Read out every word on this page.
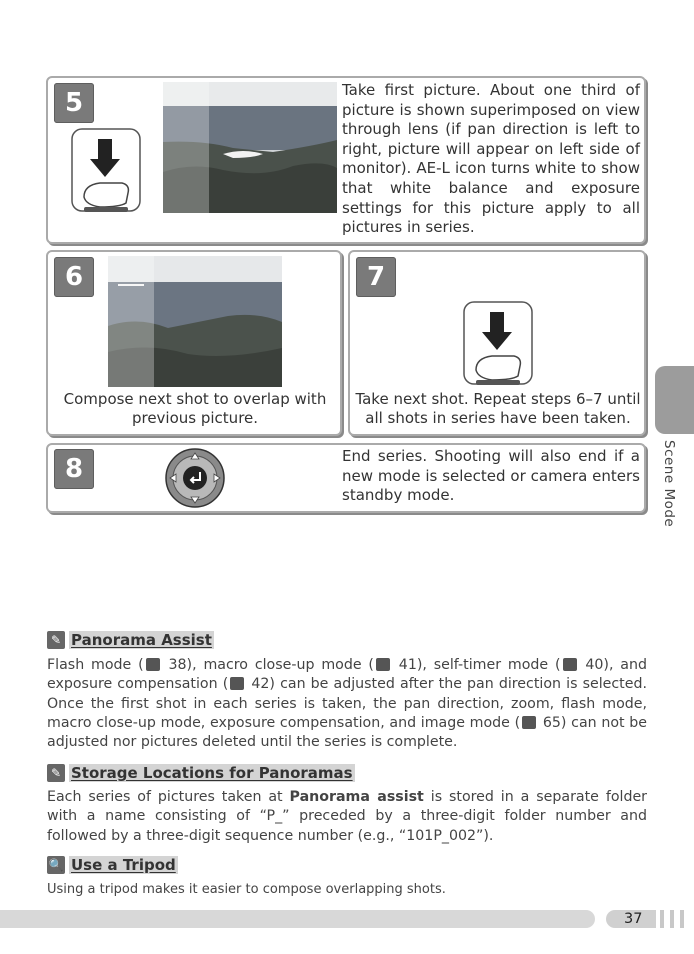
5	Take first picture. About one third of picture is shown superimposed on view through lens (if pan direction is left to right, picture will appear on left side of monitor). AE-L icon turns white to show that white balance and exposure settings for this picture apply to all pictures in series.
6
Compose next shot to overlap with previous picture.
7
Take next shot. Repeat steps 6–7 until all shots in series have been taken.
8	End series. Shooting will also end if a new mode is selected or camera enters standby mode.	Scene Mode
✎ Panorama Assist
Flash mode ( 38), macro close-up mode ( 41), self-timer mode ( 40), and exposure compensation ( 42) can be adjusted after the pan direction is selected. Once the first shot in each series is taken, the pan direction, zoom, flash mode, macro close-up mode, exposure compensation, and image mode ( 65) can not be adjusted nor pictures deleted until the series is complete.
✎ Storage Locations for Panoramas
Each series of pictures taken at Panorama assist is stored in a separate folder with a name consisting of “P_” preceded by a three-digit folder number and followed by a three-digit sequence number (e.g., “101P_002”).
🔍 Use a Tripod
Using a tripod makes it easier to compose overlapping shots.
37
